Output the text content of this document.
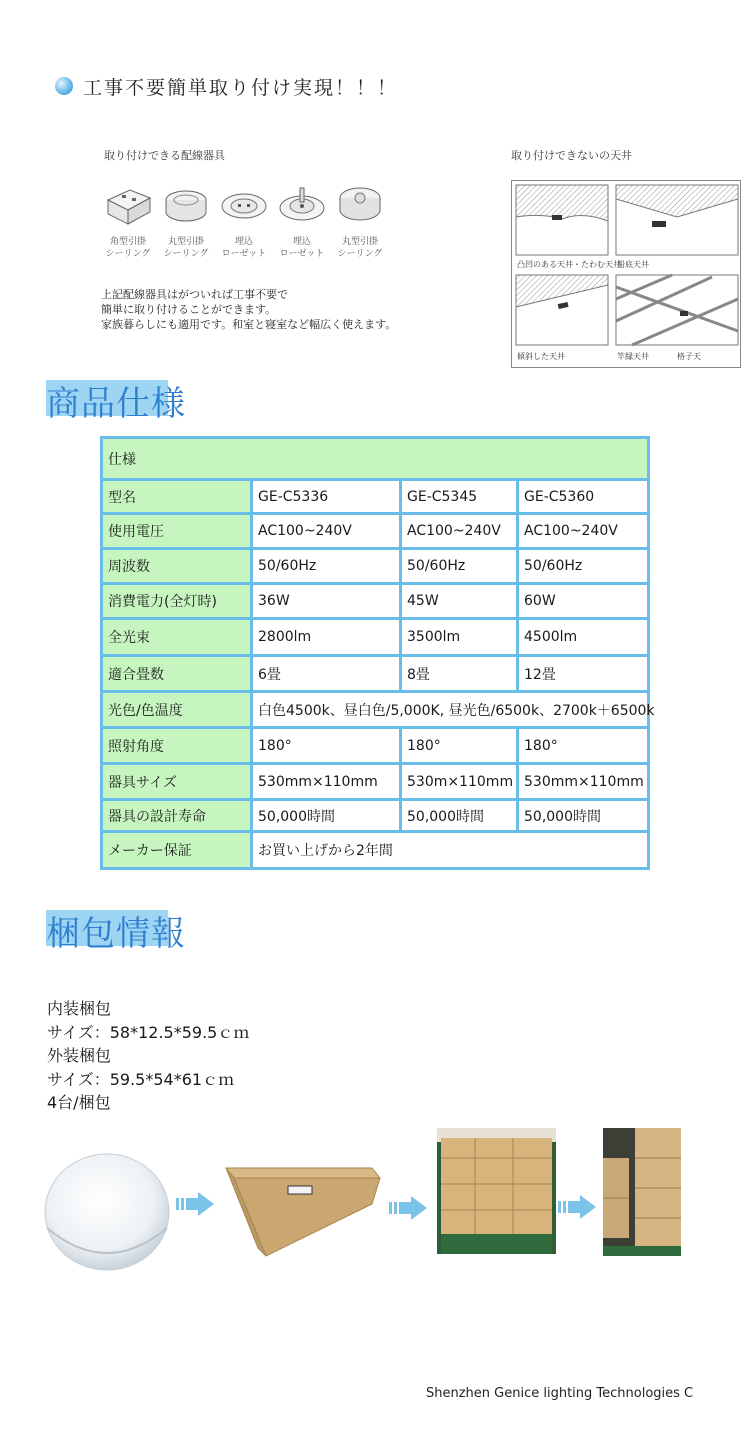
工事不要簡単取り付け実現！！！
取り付けできる配線器具
角型引掛
シーリング
丸型引掛
シーリング
埋込
ローゼット
埋込
ローゼット
丸型引掛
シーリング
上記配線器具はがついれば工事不要で
簡単に取り付けることができます。
家族暮らしにも適用です。和室と寝室など幅広く使えます。
取り付けできないの天井
凸凹のある天井・たわむ天井
船底天井
傾斜した天井	竿縁天井	格子天
商品仕様
仕様
型名	GE-C5336	GE-C5345	GE-C5360
使用電圧	AC100~240V	AC100~240V	AC100~240V
周波数	50/60Hz	50/60Hz	50/60Hz
消費電力(全灯時)	36W	45W	60W
全光束	2800lm	3500lm	4500lm
適合畳数	6畳	8畳	12畳
光色/色温度	白色4500k、昼白色/5,000K, 昼光色/6500k、2700k＋6500k
照射角度	180°	180°	180°
器具サイズ	530mm×110mm	530m×110mm 530mm×110mm
器具の設計寿命	50,000時間	50,000時間	50,000時間
メーカー保証	お買い上げから2年間
梱包情報
内装梱包
サイズ：58*12.5*59.5ｃｍ
外装梱包
サイズ：59.5*54*61ｃｍ
4台/梱包
Shenzhen Genice lighting Technologies C
